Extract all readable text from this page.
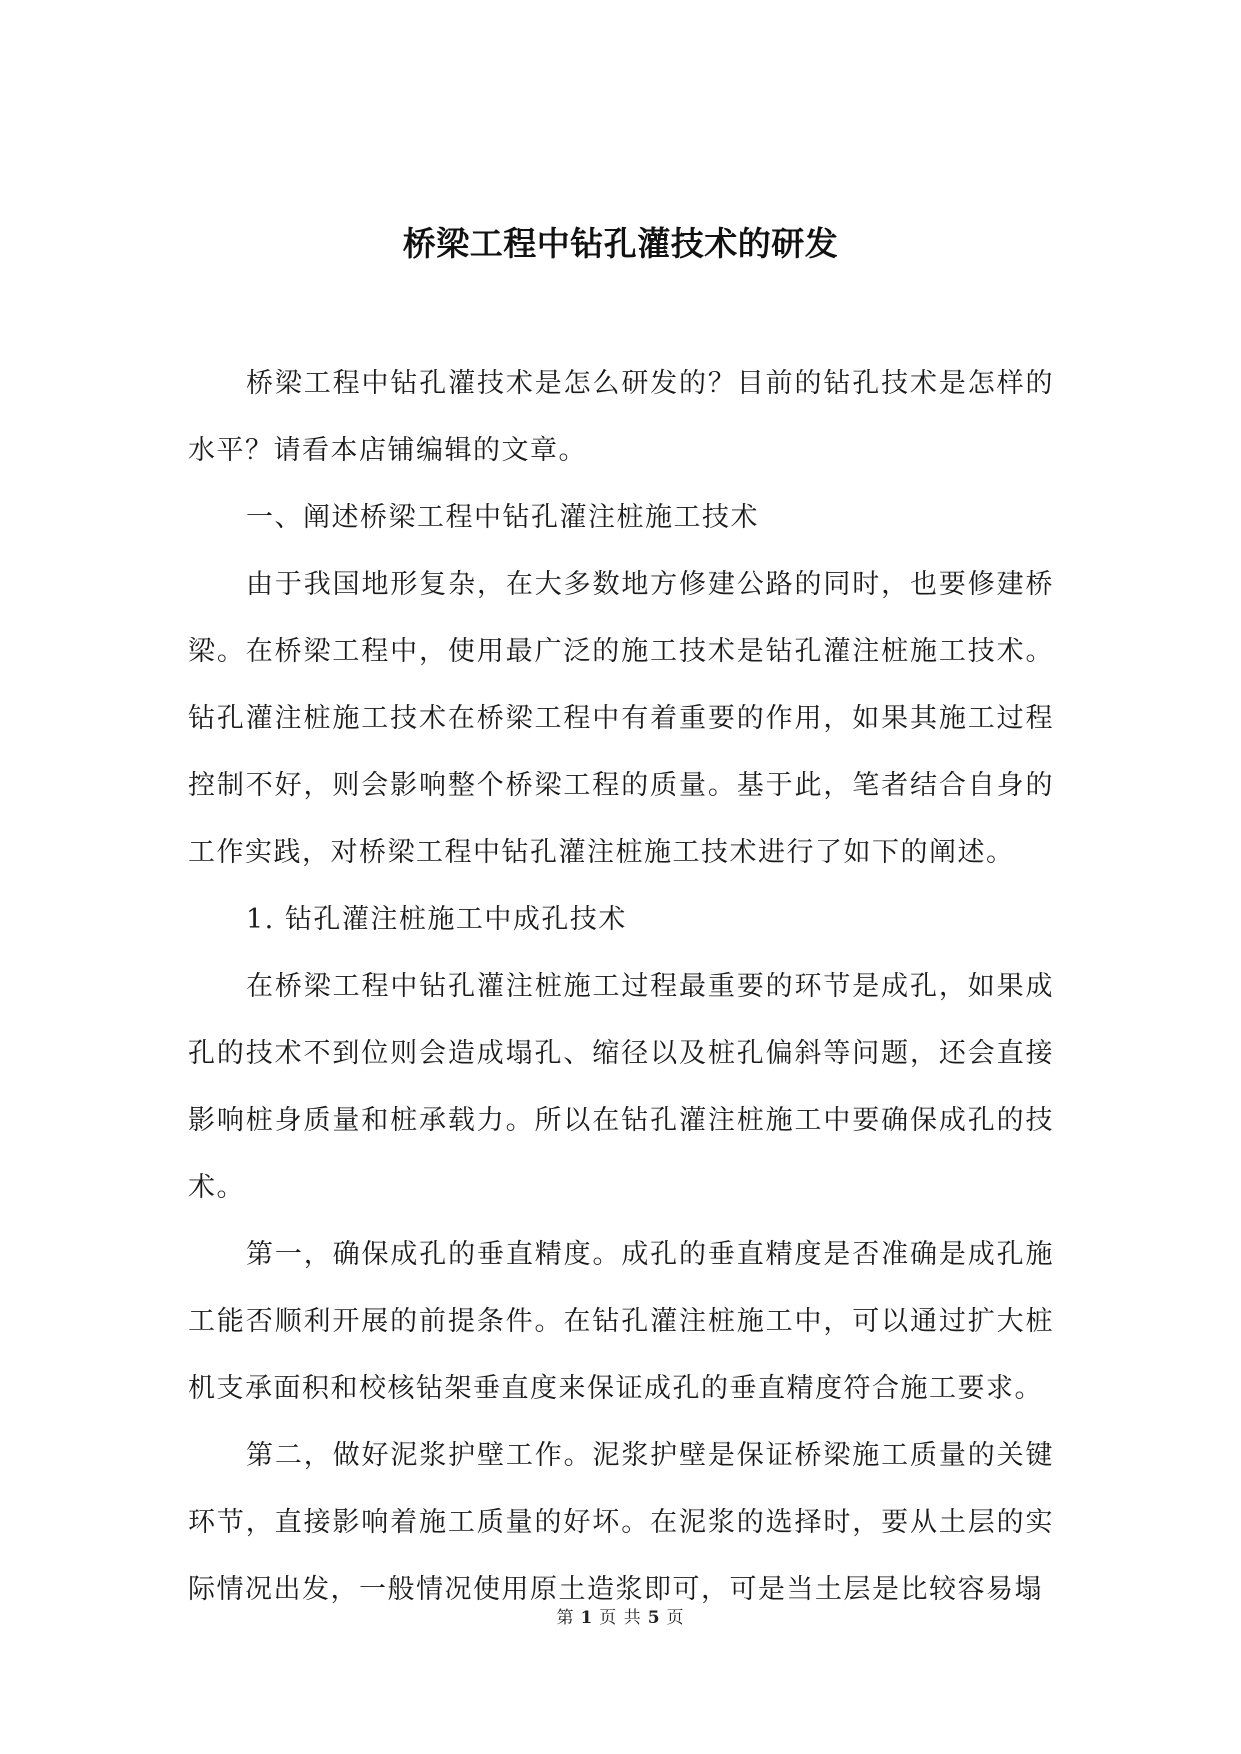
桥梁工程中钻孔灌技术的研发

桥梁工程中钻孔灌技术是怎么研发的？目前的钻孔技术是怎样的水平？请看本店铺编辑的文章。

一、阐述桥梁工程中钻孔灌注桩施工技术

由于我国地形复杂，在大多数地方修建公路的同时，也要修建桥梁。在桥梁工程中，使用最广泛的施工技术是钻孔灌注桩施工技术。钻孔灌注桩施工技术在桥梁工程中有着重要的作用，如果其施工过程控制不好，则会影响整个桥梁工程的质量。基于此，笔者结合自身的工作实践，对桥梁工程中钻孔灌注桩施工技术进行了如下的阐述。

1. 钻孔灌注桩施工中成孔技术

在桥梁工程中钻孔灌注桩施工过程最重要的环节是成孔，如果成孔的技术不到位则会造成塌孔、缩径以及桩孔偏斜等问题，还会直接影响桩身质量和桩承载力。所以在钻孔灌注桩施工中要确保成孔的技术。

第一，确保成孔的垂直精度。成孔的垂直精度是否准确是成孔施工能否顺利开展的前提条件。在钻孔灌注桩施工中，可以通过扩大桩机支承面积和校核钻架垂直度来保证成孔的垂直精度符合施工要求。

第二，做好泥浆护壁工作。泥浆护壁是保证桥梁施工质量的关键环节，直接影响着施工质量的好坏。在泥浆的选择时，要从土层的实际情况出发，一般情况使用原土造浆即可，可是当土层是比较容易塌

第 1 页 共 5 页
